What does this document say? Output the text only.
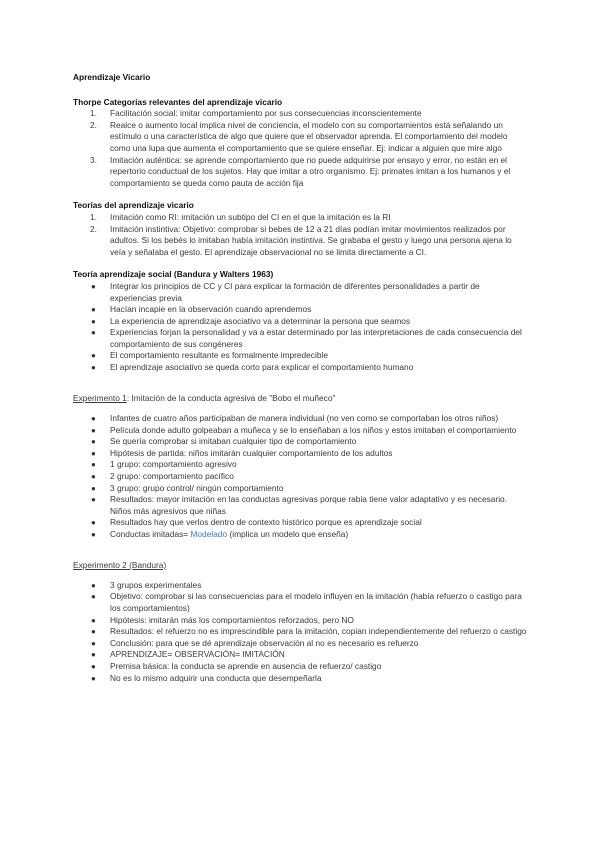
Aprendizaje Vicario

Thorpe Categorías relevantes del aprendizaje vicario

1. Facilitación social: imitar comportamiento por sus consecuencias inconscientemente
2. Realce o aumento local implica nivel de conciencia, el modelo con su comportamientos está señalando un estímulo o una característica de algo que quiere que el observador aprenda. El comportamiento del modelo como una lupa que aumenta el comportamiento que se quiere enseñar. Ej: indicar a alguien que mire algo
3. Imitación auténtica: se aprende comportamiento que no puede adquirirse por ensayo y error, no están en el repertorio conductual de los sujetos. Hay que imitar a otro organismo. Ej: primates imitan a los humanos y el comportamiento se queda como pauta de acción fija

Teorías del aprendizaje vicario

1. Imitación como RI: imitación un subtipo del CI en el que la imitación es la RI
2. Imitación instintiva: Objetivo: comprobar si bebes de 12 a 21 días podían imitar movimientos realizados por adultos. Si los bebés lo imitaban había imitación instintiva. Se grababa el gesto y luego una persona ajena lo veía y señalaba el gesto. El aprendizaje observacional no se limita directamente a CI.

Teoría aprendizaje social (Bandura y Walters 1963)

● Integrar los principios de CC y CI para explicar la formación de diferentes personalidades a partir de experiencias previa
● Hacían incapie en la observación cuando aprendemos
● La experiencia de aprendizaje asociativo va a determinar la persona que seamos
● Experiencias forjan la personalidad y va a estar determinado por las interpretaciones de cada consecuencia del comportamiento de sus congéneres
● El comportamiento resultante es formalmente impredecible
● El aprendizaje asociativo se queda corto para explicar el comportamiento humano

Experimento 1: Imitación de la conducta agresiva de "Bobo el muñeco"

● Infantes de cuatro años participaban de manera individual (no ven como se comportaban los otros niños)
● Película donde adulto golpeaban a muñeca y se lo enseñaban a los niños y estos imitaban el comportamiento
● Se quería comprobar si imitaban cualquier tipo de comportamiento
● Hipótesis de partida: niños imitarán cualquier comportamiento de los adultos
● 1 grupo: comportamiento agresivo
● 2 grupo: comportamiento pacífico
● 3 grupo: grupo control/ ningún comportamiento
● Resultados: mayor imitación en las conductas agresivas porque rabia tiene valor adaptativo y es necesario. Niños más agresivos que niñas
● Resultados hay que verlos dentro de contexto histórico porque es aprendizaje social
● Conductas imitadas= Modelado (implica un modelo que enseña)

Experimento 2 (Bandura)

● 3 grupos experimentales
● Objetivo: comprobar si las consecuencias para el modelo influyen en la imitación (había refuerzo o castigo para los comportamientos)
● Hipótesis: imitarán más los comportamientos reforzados, pero NO
● Resultados: el refuerzo no es imprescindible para la imitación, copian independientemente del refuerzo o castigo
● Conclusión: para que se dé aprendizaje observación al no es necesario es refuerzo
● APRENDIZAJE= OBSERVACIÓN= IMITACIÓN
● Premisa básica: la conducta se aprende en ausencia de refuerzo/ castigo
● No es lo mismo adquirir una conducta que desempeñarla
